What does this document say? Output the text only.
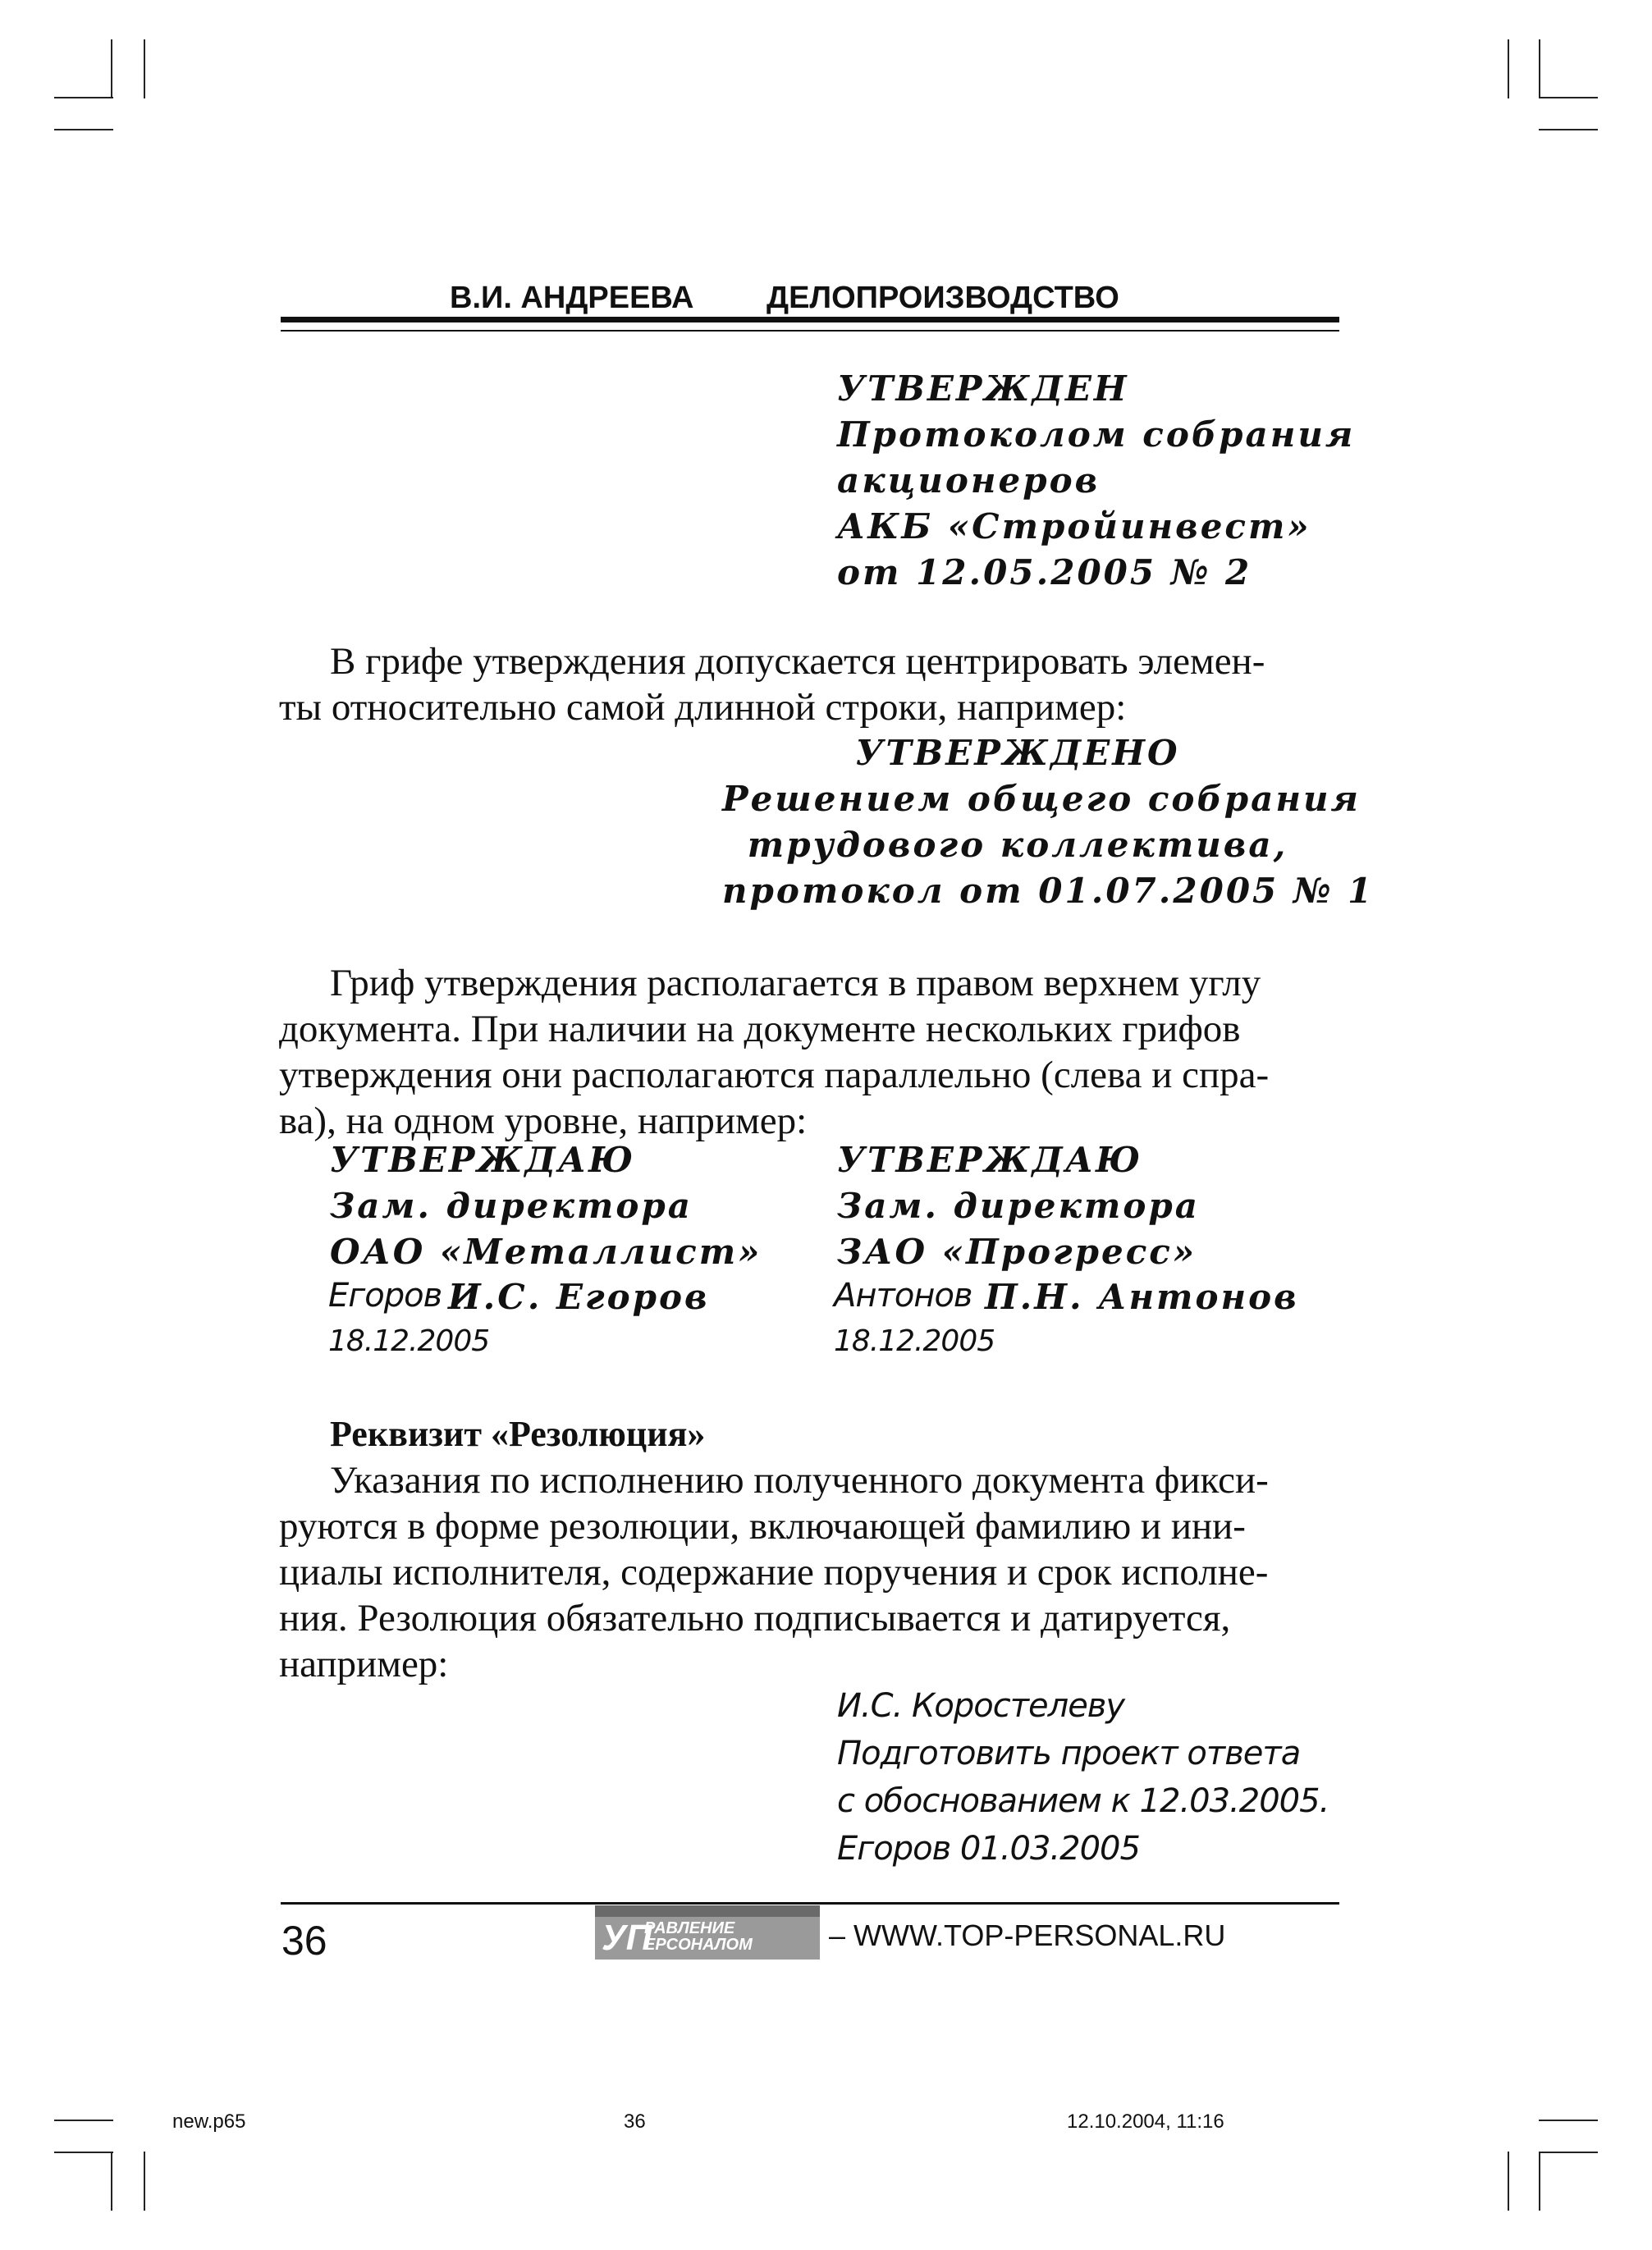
В.И. АНДРЕЕВА ДЕЛОПРОИЗВОДСТВО
УТВЕРЖДЕН
Протоколом собрания
акционеров
АКБ «Стройинвест»
от 12.05.2005 № 2
В грифе утверждения допускается центрировать элемен-
ты относительно самой длинной строки, например:
УТВЕРЖДЕНО
Решением общего собрания
трудового коллектива,
протокол от 01.07.2005 № 1
Гриф утверждения располагается в правом верхнем углу
документа. При наличии на документе нескольких грифов
утверждения они располагаются параллельно (слева и спра-
ва), на одном уровне, например:
УТВЕРЖДАЮ
Зам. директора
ОАО «Металлист»
Егоров И.С. Егоров
18.12.2005
УТВЕРЖДАЮ
Зам. директора
ЗАО «Прогресс»
Антонов П.Н. Антонов
18.12.2005
Реквизит «Резолюция»
Указания по исполнению полученного документа фикси-
руются в форме резолюции, включающей фамилию и ини-
циалы исполнителя, содержание поручения и срок исполне-
ния. Резолюция обязательно подписывается и датируется,
например:
И.С. Коростелеву
Подготовить проект ответа
с обоснованием к 12.03.2005.
Егоров 01.03.2005
36	УП
РАВЛЕНИЕ
ЕРСОНАЛОМ	– WWW.TOP-PERSONAL.RU
new.p65	36	12.10.2004, 11:16
